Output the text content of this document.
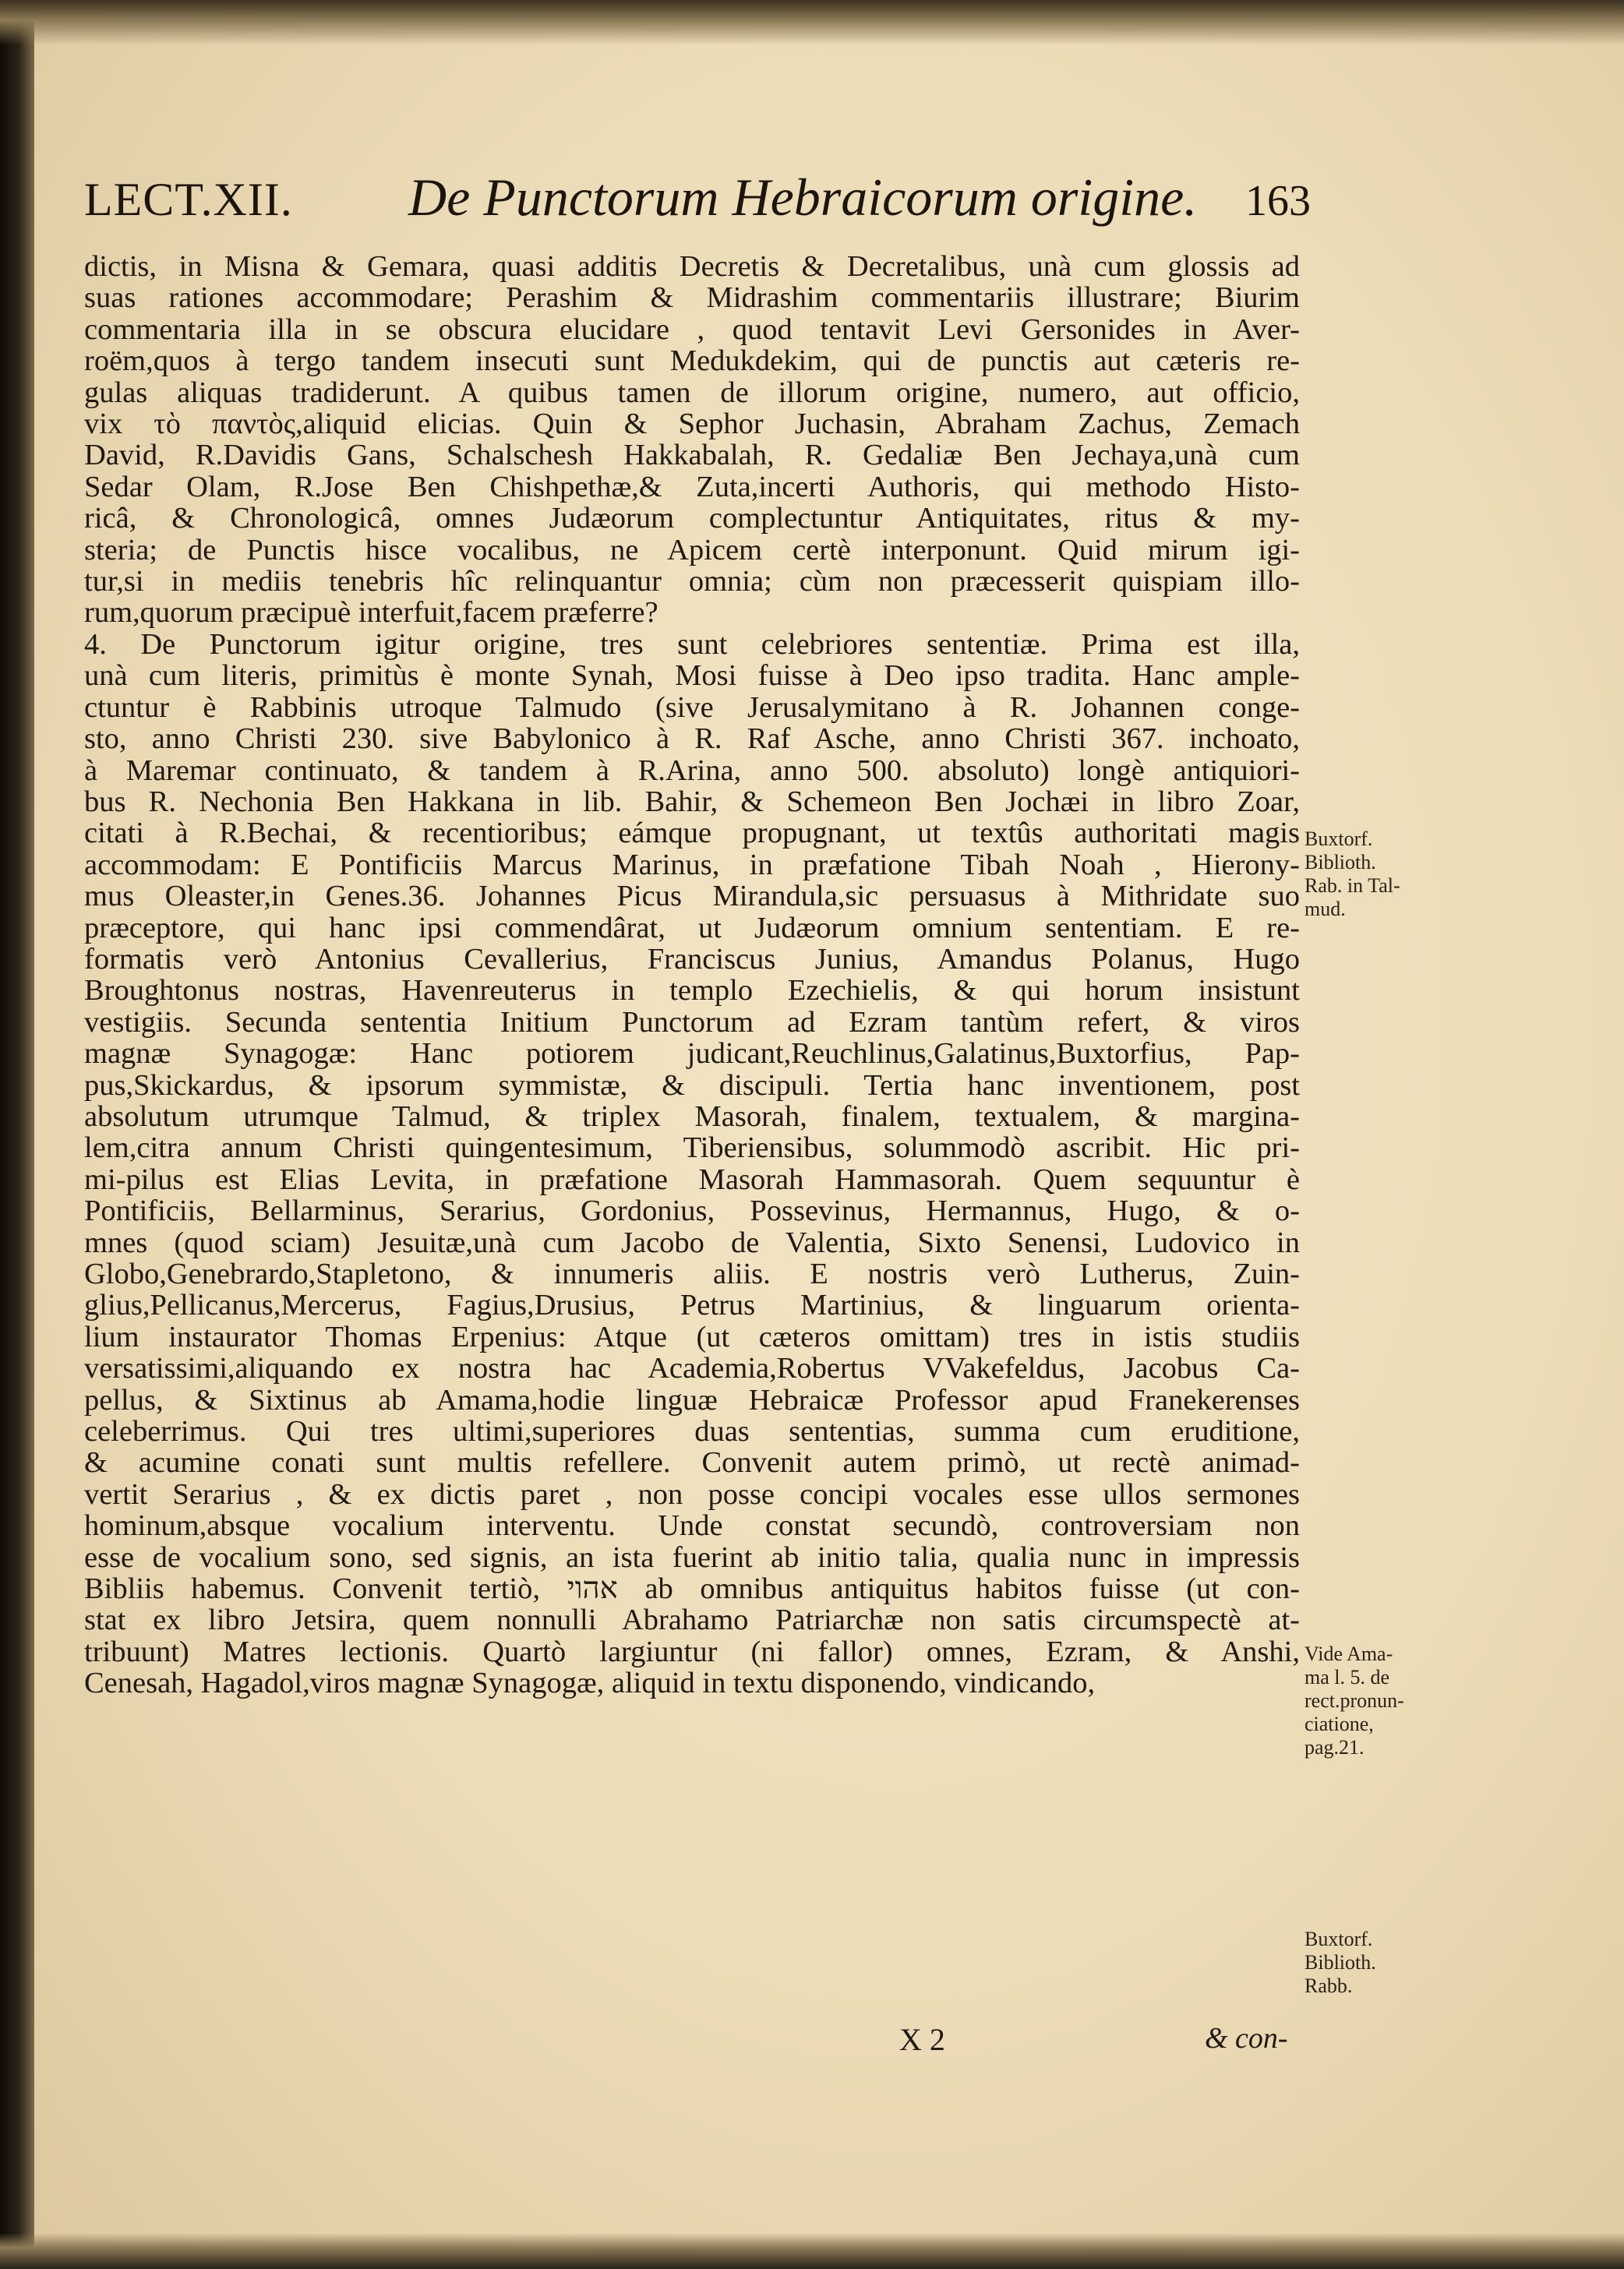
LECT.XII. De Punctorum Hebraicorum origine. 163
dictis, in Misna & Gemara, quasi additis Decretis & Decretalibus, unà cum glossis ad
suas rationes accommodare; Perashim & Midrashim commentariis illustrare; Biurim
commentaria illa in se obscura elucidare , quod tentavit Levi Gersonides in Aver-
roëm,quos à tergo tandem insecuti sunt Medukdekim, qui de punctis aut cæteris re-
gulas aliquas tradiderunt. A quibus tamen de illorum origine, numero, aut officio,
vix τὸ παντὸς,aliquid elicias. Quin & Sephor Juchasin, Abraham Zachus, Zemach
David, R.Davidis Gans, Schalschesh Hakkabalah, R. Gedaliæ Ben Jechaya,unà cum
Sedar Olam, R.Jose Ben Chishpethæ,& Zuta,incerti Authoris, qui methodo Histo-
ricâ, & Chronologicâ, omnes Judæorum complectuntur Antiquitates, ritus & my-
steria; de Punctis hisce vocalibus, ne Apicem certè interponunt. Quid mirum igi-
tur,si in mediis tenebris hîc relinquantur omnia; cùm non præcesserit quispiam illo-
rum,quorum præcipuè interfuit,facem præferre?
4. De Punctorum igitur origine, tres sunt celebriores sententiæ. Prima est illa,
unà cum literis, primitùs è monte Synah, Mosi fuisse à Deo ipso tradita. Hanc ample-
ctuntur è Rabbinis utroque Talmudo (sive Jerusalymitano à R. Johannen conge-
sto, anno Christi 230. sive Babylonico à R. Raf Asche, anno Christi 367. inchoato,
à Maremar continuato, & tandem à R.Arina, anno 500. absoluto) longè antiquiori-
bus R. Nechonia Ben Hakkana in lib. Bahir, & Schemeon Ben Jochæi in libro Zoar,
citati à R.Bechai, & recentioribus; eámque propugnant, ut textûs authoritati magis
accommodam: E Pontificiis Marcus Marinus, in præfatione Tibah Noah , Hierony-
mus Oleaster,in Genes.36. Johannes Picus Mirandula,sic persuasus à Mithridate suo
præceptore, qui hanc ipsi commendârat, ut Judæorum omnium sententiam. E re-
formatis verò Antonius Cevallerius, Franciscus Junius, Amandus Polanus, Hugo
Broughtonus nostras, Havenreuterus in templo Ezechielis, & qui horum insistunt
vestigiis. Secunda sententia Initium Punctorum ad Ezram tantùm refert, & viros
magnæ Synagogæ: Hanc potiorem judicant,Reuchlinus,Galatinus,Buxtorfius, Pap-
pus,Skickardus, & ipsorum symmistæ, & discipuli. Tertia hanc inventionem, post
absolutum utrumque Talmud, & triplex Masorah, finalem, textualem, & margina-
lem,citra annum Christi quingentesimum, Tiberiensibus, solummodò ascribit. Hic pri-
mi-pilus est Elias Levita, in præfatione Masorah Hammasorah. Quem sequuntur è
Pontificiis, Bellarminus, Serarius, Gordonius, Possevinus, Hermannus, Hugo, & o-
mnes (quod sciam) Jesuitæ,unà cum Jacobo de Valentia, Sixto Senensi, Ludovico in
Globo,Genebrardo,Stapletono, & innumeris aliis. E nostris verò Lutherus, Zuin-
glius,Pellicanus,Mercerus, Fagius,Drusius, Petrus Martinius, & linguarum orienta-
lium instaurator Thomas Erpenius: Atque (ut cæteros omittam) tres in istis studiis
versatissimi,aliquando ex nostra hac Academia,Robertus VVakefeldus, Jacobus Ca-
pellus, & Sixtinus ab Amama,hodie linguæ Hebraicæ Professor apud Franekerenses
celeberrimus. Qui tres ultimi,superiores duas sententias, summa cum eruditione,
& acumine conati sunt multis refellere. Convenit autem primò, ut rectè animad-
vertit Serarius , & ex dictis paret , non posse concipi vocales esse ullos sermones
hominum,absque vocalium interventu. Unde constat secundò, controversiam non
esse de vocalium sono, sed signis, an ista fuerint ab initio talia, qualia nunc in impressis
Bibliis habemus. Convenit tertiò, אהוי ab omnibus antiquitus habitos fuisse (ut con-
stat ex libro Jetsira, quem nonnulli Abrahamo Patriarchæ non satis circumspectè at-
tribuunt) Matres lectionis. Quartò largiuntur (ni fallor) omnes, Ezram, & Anshi,
Cenesah, Hagadol,viros magnæ Synagogæ, aliquid in textu disponendo, vindicando,
Buxtorf.
Biblioth.
Rab. in Tal-
mud.
Vide Ama-
ma l. 5. de
rect.pronun-
ciatione,
pag.21.
Buxtorf.
Biblioth.
Rabb.
X 2	& con-
